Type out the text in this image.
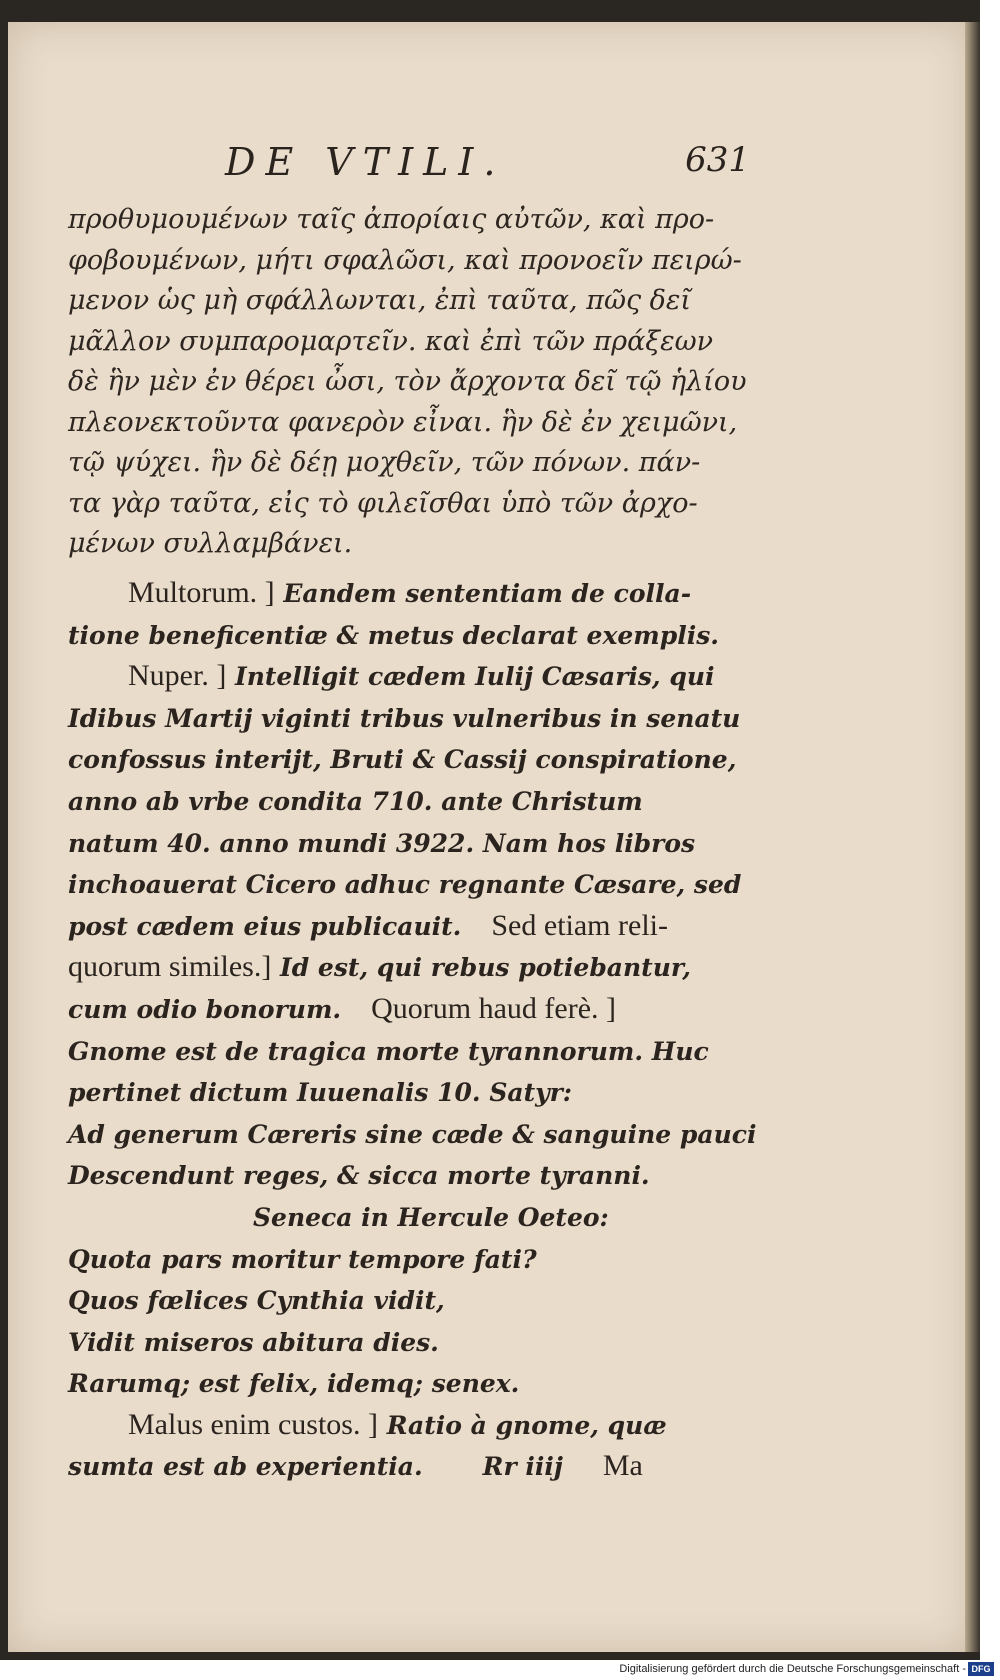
DE VTILI.	631
προθυμουμένων ταῖς ἀπορίαις αὐτῶν, καὶ προ-
φοβουμένων, μήτι σφαλῶσι, καὶ προνοεῖν πειρώ-
μενον ὡς μὴ σφάλλωνται, ἐπὶ ταῦτα, πῶς δεῖ
μᾶλλον συμπαρομαρτεῖν. καὶ ἐπὶ τῶν πράξεων
δὲ ἣν μὲν ἐν θέρει ὦσι, τὸν ἄρχοντα δεῖ τῷ ἡλίου
πλεονεκτοῦντα φανερὸν εἶναι. ἣν δὲ ἐν χειμῶνι,
τῷ ψύχει. ἣν δὲ δέῃ μοχθεῖν, τῶν πόνων. πάν-
τα γὰρ ταῦτα, εἰς τὸ φιλεῖσθαι ὑπὸ τῶν ἀρχο-
μένων συλλαμβάνει.
Multorum. ] Eandem sententiam de colla-
tione beneficentiæ & metus declarat exemplis.
Nuper. ] Intelligit cædem Iulij Cæsaris, qui
Idibus Martij viginti tribus vulneribus in senatu
confossus interijt, Bruti & Cassij conspiratione,
anno ab vrbe condita 710. ante Christum
natum 40. anno mundi 3922. Nam hos libros
inchoauerat Cicero adhuc regnante Cæsare, sed
post cædem eius publicauit.    Sed etiam reli-
quorum similes.] Id est, qui rebus potiebantur,
cum odio bonorum.    Quorum haud ferè. ]
Gnome est de tragica morte tyrannorum. Huc
pertinet dictum Iuuenalis 10. Satyr:
Ad generum Cæreris sine cæde & sanguine pauci
Descendunt reges, & sicca morte tyranni.
Seneca in Hercule Oeteo:
Quota pars moritur tempore fati?
Quos fœlices Cynthia vidit,
Vidit miseros abitura dies.
Rarumq; est felix, idemq; senex.
Malus enim custos. ] Ratio à gnome, quæ
sumta est ab experientia. Rr iiij Ma
Digitalisierung gefördert durch die Deutsche Forschungsgemeinschaft - DFG
